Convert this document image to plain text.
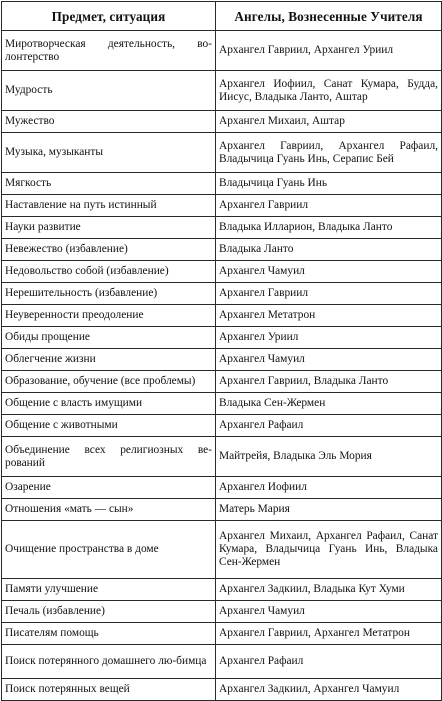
Предмет, ситуация	Ангелы, Вознесенные Учителя
Миротворческая деятельность, во-лонтерство	Архангел Гавриил, Архангел Уриил
Мудрость	Архангел Иофиил, Санат Кумара, Будда, Иисус, Владыка Ланто, Аштар
Мужество	Архангел Михаил, Аштар
Музыка, музыканты	Архангел Гавриил, Архангел Рафаил, Владычица Гуань Инь, Серапис Бей
Мягкость	Владычица Гуань Инь
Наставление на путь истинный	Архангел Гавриил
Науки развитие	Владыка Илларион, Владыка Ланто
Невежество (избавление)	Владыка Ланто
Недовольство собой (избавление)	Архангел Чамуил
Нерешительность (избавление)	Архангел Гавриил
Неуверенности преодоление	Архангел Метатрон
Обиды прощение	Архангел Уриил
Облегчение жизни	Архангел Чамуил
Образование, обучение (все проблемы)	Архангел Гавриил, Владыка Ланто
Общение с власть имущими	Владыка Сен-Жермен
Общение с животными	Архангел Рафаил
Объединение всех религиозных ве-рований	Майтрейя, Владыка Эль Мория
Озарение	Архангел Иофиил
Отношения «мать — сын»	Матерь Мария
Очищение пространства в доме	Архангел Михаил, Архангел Рафаил, Санат Кумара, Владычица Гуань Инь, Владыка Сен-Жермен
Памяти улучшение	Архангел Задкиил, Владыка Кут Хуми
Печаль (избавление)	Архангел Чамуил
Писателям помощь	Архангел Гавриил, Архангел Метатрон
Поиск потерянного домашнего лю-бимца	Архангел Рафаил
Поиск потерянных вещей	Архангел Задкиил, Архангел Чамуил
